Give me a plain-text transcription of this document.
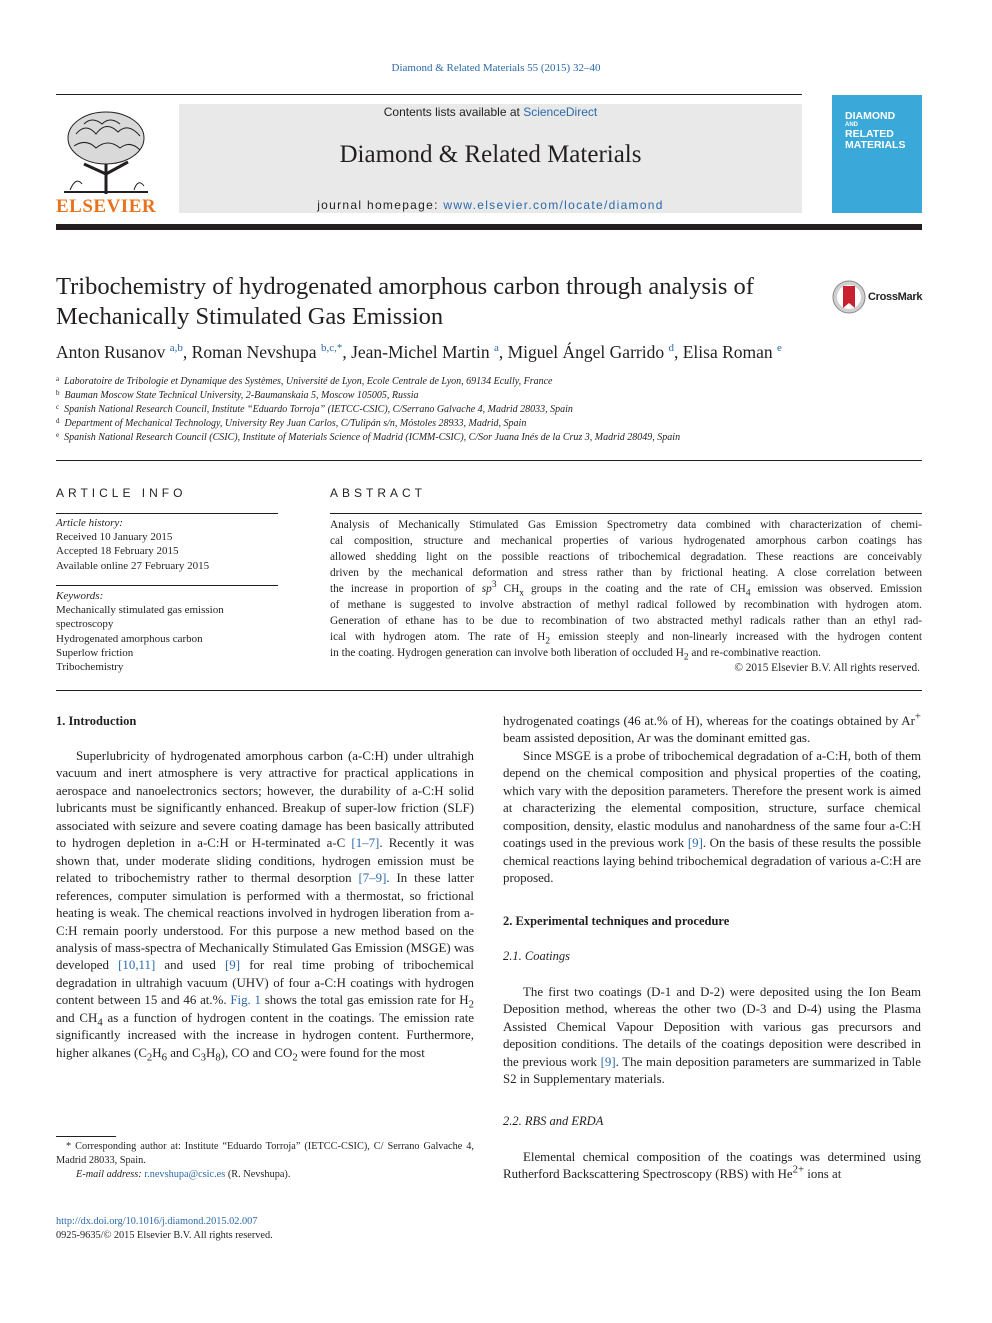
Diamond & Related Materials 55 (2015) 32–40
ELSEVIER
Contents lists available at ScienceDirect
Diamond & Related Materials
journal homepage: www.elsevier.com/locate/diamond
DIAMOND
AND
RELATED
MATERIALS
Tribochemistry of hydrogenated amorphous carbon through analysis of
Mechanically Stimulated Gas Emission
CrossMark
Anton Rusanov $^{a,b}$, Roman Nevshupa $^{b,c,*}$, Jean-Michel Martin $^a$, Miguel Ángel Garrido $^d$, Elisa Roman $^e$
$^a$ Laboratoire de Tribologie et Dynamique des Systèmes, Université de Lyon, Ecole Centrale de Lyon, 69134 Ecully, France
$^b$ Bauman Moscow State Technical University, 2-Baumanskaia 5, Moscow 105005, Russia
$^c$ Spanish National Research Council, Institute “Eduardo Torroja” (IETCC-CSIC), C/Serrano Galvache 4, Madrid 28033, Spain
$^d$ Department of Mechanical Technology, University Rey Juan Carlos, C/Tulipán s/n, Móstoles 28933, Madrid, Spain
$^e$ Spanish National Research Council (CSIC), Institute of Materials Science of Madrid (ICMM-CSIC), C/Sor Juana Inés de la Cruz 3, Madrid 28049, Spain
ARTICLE INFO
Article history:
Received 10 January 2015
Accepted 18 February 2015
Available online 27 February 2015
Keywords:
Mechanically stimulated gas emission
spectroscopy
Hydrogenated amorphous carbon
Superlow friction
Tribochemistry
ABSTRACT
Analysis of Mechanically Stimulated Gas Emission Spectrometry data combined with characterization of chemi-
cal composition, structure and mechanical properties of various hydrogenated amorphous carbon coatings has
allowed shedding light on the possible reactions of tribochemical degradation. These reactions are conceivably
driven by the mechanical deformation and stress rather than by frictional heating. A close correlation between
the increase in proportion of $sp^3$ $CH_x$ groups in the coating and the rate of $CH_4$ emission was observed. Emission
of methane is suggested to involve abstraction of methyl radical followed by recombination with hydrogen atom.
Generation of ethane has to be due to recombination of two abstracted methyl radicals rather than an ethyl rad-
ical with hydrogen atom. The rate of $H_2$ emission steeply and non-linearly increased with the hydrogen content
in the coating. Hydrogen generation can involve both liberation of occluded $H_2$ and re-combinative reaction.
© 2015 Elsevier B.V. All rights reserved.
1. Introduction

Superlubricity of hydrogenated amorphous carbon (a-C:H) under ultrahigh vacuum and inert atmosphere is very attractive for practical applications in aerospace and nanoelectronics sectors; however, the durability of a-C:H solid lubricants must be significantly enhanced. Breakup of super-low friction (SLF) associated with seizure and severe coating damage has been basically attributed to hydrogen depletion in a-C:H or H-terminated a-C [1–7]. Recently it was shown that, under moderate sliding conditions, hydrogen emission must be related to tribochemistry rather to thermal desorption [7–9]. In these latter references, computer simulation is performed with a thermostat, so frictional heating is weak. The chemical reactions involved in hydrogen liberation from a-C:H remain poorly understood. For this purpose a new method based on the analysis of mass-spectra of Mechanically Stimulated Gas Emission (MSGE) was developed [10,11] and used [9] for real time probing of tribochemical degradation in ultrahigh vacuum (UHV) of four a-C:H coatings with hydrogen content between 15 and 46 at.%. Fig. 1 shows the total gas emission rate for $H_2$ and $CH_4$ as a function of hydrogen content in the coatings. The emission rate significantly increased with the increase in hydrogen content. Furthermore, higher alkanes ($C_2H_6$ and $C_3H_8$), CO and $CO_2$ were found for the most

* Corresponding author at: Institute “Eduardo Torroja” (IETCC-CSIC), C/ Serrano Galvache 4, Madrid 28033, Spain.
E-mail address: r.nevshupa@csic.es (R. Nevshupa).
http://dx.doi.org/10.1016/j.diamond.2015.02.007
0925-9635/© 2015 Elsevier B.V. All rights reserved.

hydrogenated coatings (46 at.% of H), whereas for the coatings obtained by Ar+ beam assisted deposition, Ar was the dominant emitted gas.

Since MSGE is a probe of tribochemical degradation of a-C:H, both of them depend on the chemical composition and physical properties of the coating, which vary with the deposition parameters. Therefore the present work is aimed at characterizing the elemental composition, structure, surface chemical composition, density, elastic modulus and nanohardness of the same four a-C:H coatings used in the previous work [9]. On the basis of these results the possible chemical reactions laying behind tribochemical degradation of various a-C:H are proposed.

2. Experimental techniques and procedure
2.1. Coatings

The first two coatings (D-1 and D-2) were deposited using the Ion Beam Deposition method, whereas the other two (D-3 and D-4) using the Plasma Assisted Chemical Vapour Deposition with various gas precursors and deposition conditions. The details of the coatings deposition were described in the previous work [9]. The main deposition parameters are summarized in Table S2 in Supplementary materials.

2.2. RBS and ERDA

Elemental chemical composition of the coatings was determined using Rutherford Backscattering Spectroscopy (RBS) with $He^{2+}$ ions at
